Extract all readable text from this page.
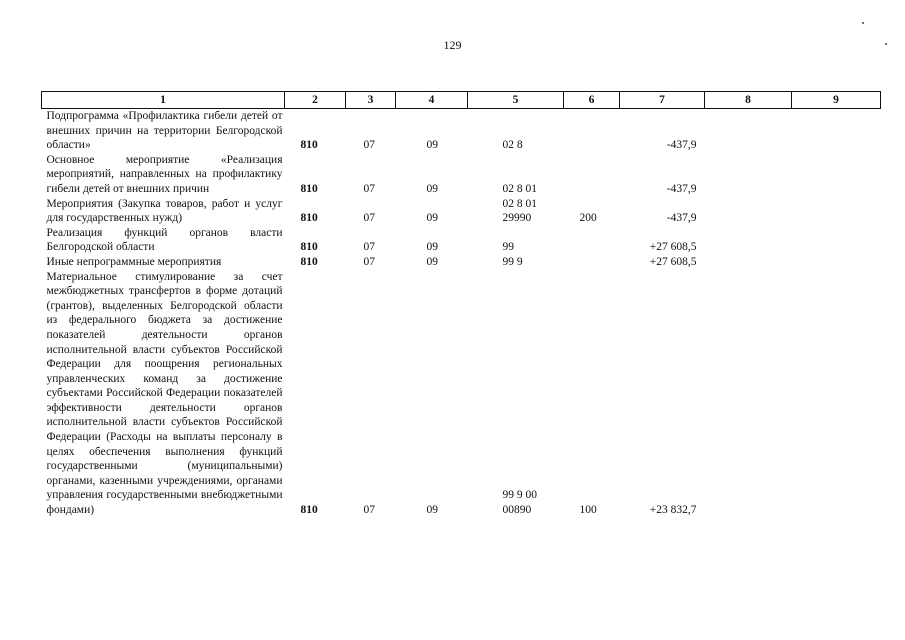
129
1	2	3	4	5	6	7	8	9
Подпрограмма «Профилактика гибели детей от внешних причин на территории Белгородской области»	810	07	09	02 8		-437,9		
Основное мероприятие «Реализация мероприятий, направленных на профилактику гибели детей от внешних причин	810	07	09	02 8 01		-437,9		
Мероприятия (Закупка товаров, работ и услуг для государственных нужд)	810	07	09	02 8 01 29990	200	-437,9		
Реализация функций органов власти Белгородской области	810	07	09	99		+27 608,5		
Иные непрограммные мероприятия	810	07	09	99 9		+27 608,5		
Материальное стимулирование за счет межбюджетных трансфертов в форме дотаций (грантов), выделенных Белгородской области из федерального бюджета за достижение показателей деятельности органов исполнительной власти субъектов Российской Федерации для поощрения региональных управленческих команд за достижение субъектами Российской Федерации показателей эффективности деятельности органов исполнительной власти субъектов Российской Федерации (Расходы на выплаты персоналу в целях обеспечения выполнения функций государственными (муниципальными) органами, казенными учреждениями, органами управления государственными внебюджетными фондами)	810	07	09	99 9 00 00890	100	+23 832,7		
